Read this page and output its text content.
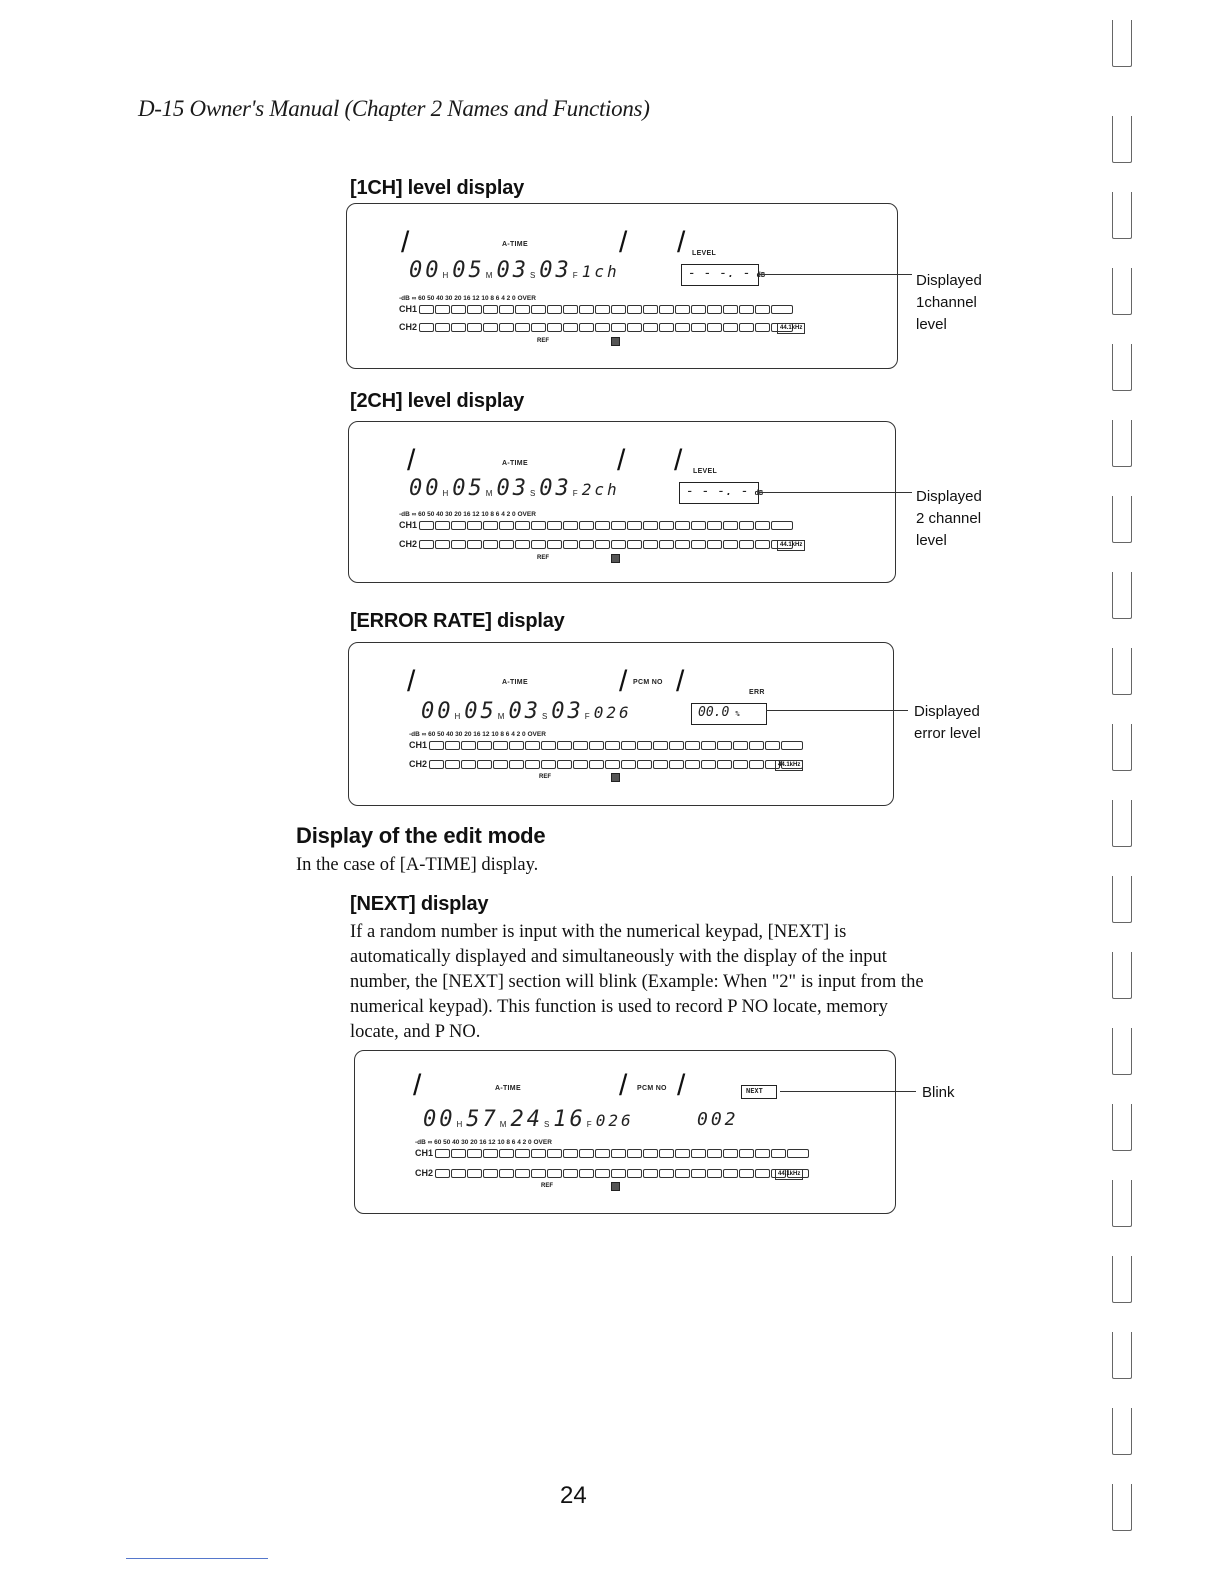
D-15 Owner's Manual (Chapter 2 Names and Functions)
[1CH] level display
/	A-TIME	/ / LEVEL
$00_H$ $05_M$ $03_S$ $03_F$ 1ch	- - -. - dB
-dB ∞ 60 50 40 30 20 16 12 10 8 6 4 2 0 OVER
CH1
CH2	44.1kHz
REF
Displayed
1channel
level
[2CH] level display
/	A-TIME	/ / LEVEL
$00_H$ $05_M$ $03_S$ $03_F$ 2ch	- - -. - dB
-dB ∞ 60 50 40 30 20 16 12 10 8 6 4 2 0 OVER
CH1
CH2	44.1kHz
REF
Displayed
2 channel
level
[ERROR RATE] display
/	A-TIME	/ PCM NO /	ERR
$00_H$ $05_M$ $03_S$ $03_F$ 026	00.0 %
-dB ∞ 60 50 40 30 20 16 12 10 8 6 4 2 0 OVER
CH1
CH2	44.1kHz
REF
Displayed
error level
Display of the edit mode

In the case of [A-TIME] display.

[NEXT] display
If a random number is input with the numerical keypad, [NEXT] is
automatically displayed and simultaneously with the display of the input
number, the [NEXT] section will blink (Example: When "2" is input from the
numerical keypad). This function is used to record P NO locate, memory
locate, and P NO.
/	A-TIME	/ PCM NO /	NEXT
$00_H$ $57_M$ $24_S$ $16_F$ 026	002
-dB ∞ 60 50 40 30 20 16 12 10 8 6 4 2 0 OVER
CH1
CH2	44.1kHz
REF
Blink
24
